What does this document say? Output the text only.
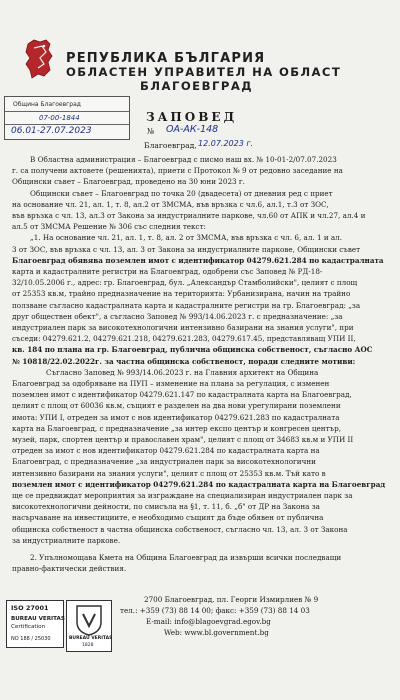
РЕПУБЛИКА БЪЛГАРИЯ
ОБЛАСТЕН УПРАВИТЕЛ НА ОБЛАСТ
БЛАГОЕВГРАД
Община Благоевград
07-00-1844
06.01-27.07.2023
ЗАПОВЕД
№ ОА-АК-148
Благоевград, 12.07.2023 г.
В Областна администрация – Благоевград с писмо наш вх. № 10-01-2/07.07.2023
г. са получени актовете (решенията), приети с Протокол № 9 от редовно заседание на
Общински съвет – Благоевград, проведено на 30 юни 2023 г.
Общински съвет – Благоевград по точка 20 (двадесета) от дневния ред с приет
на основание чл. 21, ал. 1, т. 8, ал.2 от ЗМСМА, във връзка с чл.6, ал.1, т.3 от ЗОС,
във връзка с чл. 13, ал.3 от Закона за индустриалните паркове, чл.60 от АПК и чл.27, ал.4 и
ал.5 от ЗМСМА Решение № 306 със следния текст:
„1. На основание чл. 21, ал. 1, т. 8, ал. 2 от ЗМСМА, във връзка с чл. 6, ал. 1 и ал.
3 от ЗОС, във връзка с чл. 13, ал. 3 от Закона за индустриалните паркове, Общински съвет
Благоевград обявява поземлен имот с идентификатор 04279.621.284 по кадастралната
карта и кадастралните регистри на Благоевград, одобрени със Заповед № РД-18-
32/10.05.2006 г., адрес: гр. Благоевград, бул. „Александър Стамболийски", целият с площ
от 25353 кв.м, трайно предназначение на територията: Урбанизирана, начин на трайно
ползване съгласно кадастралната карта и кадастралните регистри на гр. Благоевград: „за
друг обществен обект", а съгласно Заповед № 993/14.06.2023 г. с предназначение: „за
индустриален парк за високотехнологични интензивно базирани на знания услуги", при
съседи: 04279.621.2, 04279.621.218, 04279.621.283, 04279.617.45, представляващ УПИ II,
кв. 184 по плана на гр. Благоевград, публична общинска собственост, съгласно АОС
№ 10818/22.02.2022г. за частна общинска собственост, поради следните мотиви:
Съгласно Заповед № 993/14.06.2023 г. на Главния архитект на Община
Благоевград за одобряване на ПУП – изменение на плана за регулация, с изменен
поземлен имот с идентификатор 04279.621.147 по кадастралната карта на Благоевград,
целият с площ от 60036 кв.м, същият е разделен на два нови урегулирани поземлени
имота: УПИ I, отреден за имот с нов идентификатор 04279.621.283 по кадастралната
карта на Благоевград, с предназначение „за интер експо център и конгресен център,
музей, парк, спортен център и православен храм", целият с площ от 34683 кв.м и УПИ II
отреден за имот с нов идентификатор 04279.621.284 по кадастралната карта на
Благоевград, с предназначение „за индустриален парк за високотехнологични
интензивно базирани на знания услуги", целият с площ от 25353 кв.м. Тъй като в
поземлен имот с идентификатор 04279.621.284 по кадастралната карта на Благоевград
ще се предвиждат мероприятия за изграждане на специализиран индустриален парк за
високотехнологични дейности, по смисъла на §1, т. 11, б. „б" от ДР на Закона за
насърчаване на инвестициите, е необходимо същият да бъде обявен от публична
общинска собственост в частна общинска собственост, съгласно чл. 13, ал. 3 от Закона
за индустриалните паркове.
2. Упълномощава Кмета на Община Благоевград да извърши всички последващи
правно-фактически действия.
2700 Благоевград, пл. Георги Измирлиев № 9
тел.: +359 (73) 88 14 00; факс: +359 (73) 88 14 03
E-mail: info@blagoevgrad.egov.bg
Web: www.bl.government.bg
ISO 27001
BUREAU VERITAS
Certification
NO 188 / 25030	BUREAU VERITAS
1828
